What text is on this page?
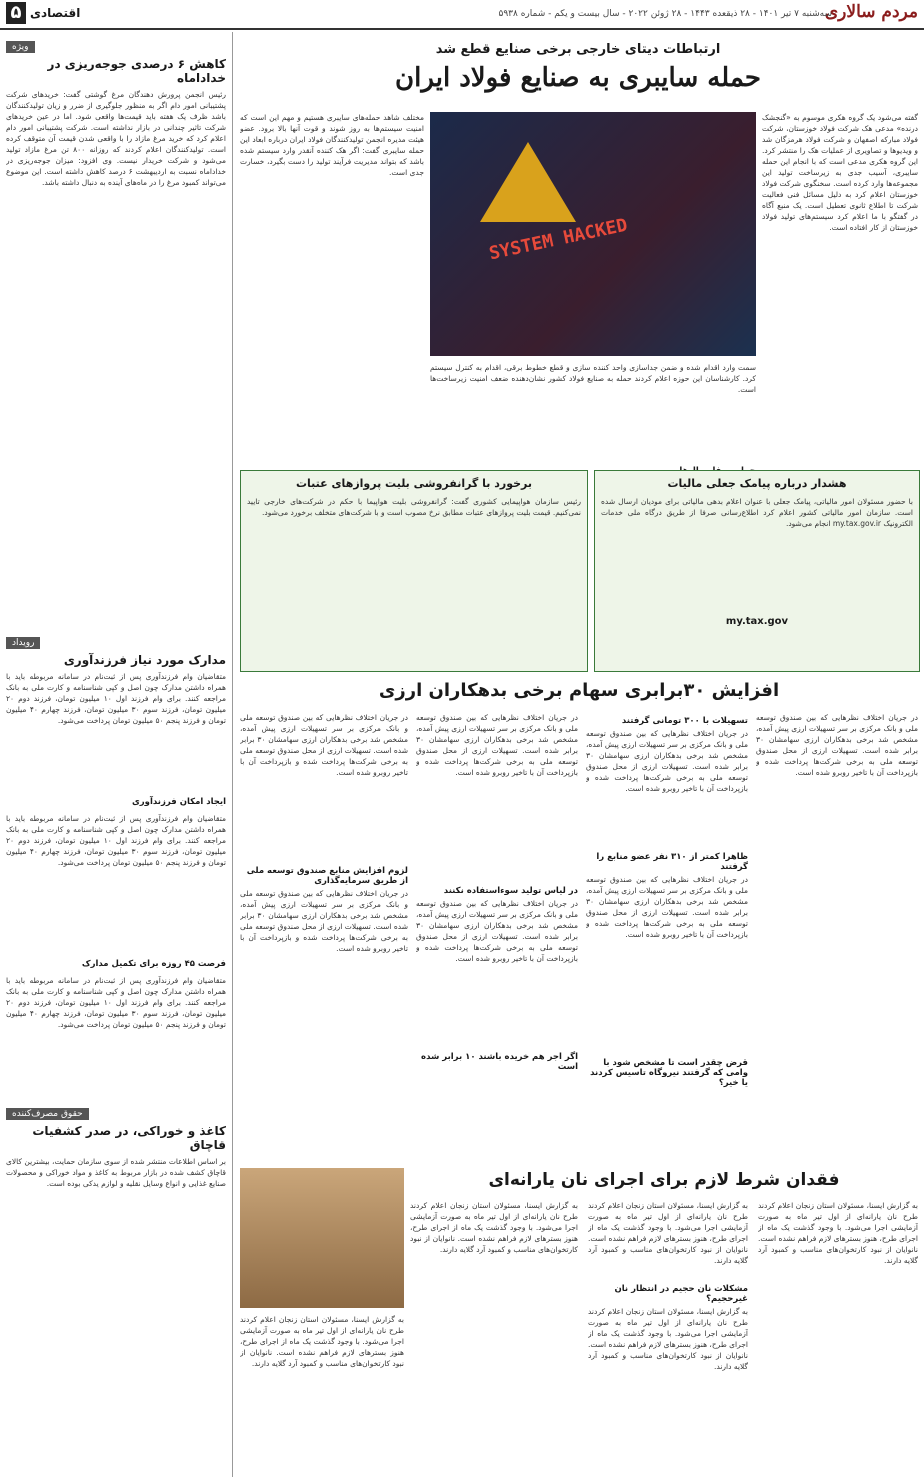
مردم سالاری
سه‌شنبه ۷ تیر ۱۴۰۱ - ۲۸ ذیقعده ۱۴۴۳ - ۲۸ ژوئن ۲۰۲۲ - سال بیست و یکم - شماره ۵۹۳۸
اقتصادی
۵
ویژه
کاهش ۶ درصدی جوجه‌ریزی در خداداماه
رئیس انجمن پرورش دهندگان مرغ گوشتی گفت: خریدهای شرکت پشتیبانی امور دام اگر به منظور جلوگیری از ضرر و زیان تولیدکنندگان باشد ظرف یک هفته باید قیمت‌ها واقعی شود. اما در عین خریدهای شرکت تاثیر چندانی در بازار نداشته است. شرکت پشتیبانی امور دام اعلام کرد که خرید مرغ مازاد را با واقعی شدن قیمت آن متوقف کرده است. تولیدکنندگان اعلام کردند که روزانه ۸۰۰ تن مرغ مازاد تولید می‌شود و شرکت خریدار نیست. وی افزود: میزان جوجه‌ریزی در خداداماه نسبت به اردیبهشت ۶ درصد کاهش داشته است. این موضوع می‌تواند کمبود مرغ را در ماه‌های آینده به دنبال داشته باشد.
رویداد
مدارک مورد نیاز فرزندآوری
متقاضیان وام فرزندآوری پس از ثبت‌نام در سامانه مربوطه باید با همراه داشتن مدارک چون اصل و کپی شناسنامه و کارت ملی به بانک مراجعه کنند. برای وام فرزند اول ۱۰ میلیون تومان، فرزند دوم ۲۰ میلیون تومان، فرزند سوم ۳۰ میلیون تومان، فرزند چهارم ۴۰ میلیون تومان و فرزند پنجم ۵۰ میلیون تومان پرداخت می‌شود.
ایجاد امکان فرزندآوری
متقاضیان وام فرزندآوری پس از ثبت‌نام در سامانه مربوطه باید با همراه داشتن مدارک چون اصل و کپی شناسنامه و کارت ملی به بانک مراجعه کنند. برای وام فرزند اول ۱۰ میلیون تومان، فرزند دوم ۲۰ میلیون تومان، فرزند سوم ۳۰ میلیون تومان، فرزند چهارم ۴۰ میلیون تومان و فرزند پنجم ۵۰ میلیون تومان پرداخت می‌شود.
فرصت ۴۵ روزه برای تکمیل مدارک
متقاضیان وام فرزندآوری پس از ثبت‌نام در سامانه مربوطه باید با همراه داشتن مدارک چون اصل و کپی شناسنامه و کارت ملی به بانک مراجعه کنند. برای وام فرزند اول ۱۰ میلیون تومان، فرزند دوم ۲۰ میلیون تومان، فرزند سوم ۳۰ میلیون تومان، فرزند چهارم ۴۰ میلیون تومان و فرزند پنجم ۵۰ میلیون تومان پرداخت می‌شود.
حقوق مصرف‌کننده
کاغذ و خوراکی، در صدر کشفیات قاچاق
بر اساس اطلاعات منتشر شده از سوی سازمان حمایت، بیشترین کالای قاچاق کشف شده در بازار مربوط به کاغذ و مواد خوراکی و محصولات صنایع غذایی و انواع وسایل نقلیه و لوازم یدکی بوده است.
ارتباطات دیتای خارجی برخی صنایع قطع شد
حمله سایبری به صنایع فولاد ایران
گفته می‌شود یک گروه هکری موسوم به «گنجشک درنده» مدعی هک شرکت فولاد خوزستان، شرکت فولاد مبارکه اصفهان و شرکت فولاد هرمزگان شد و ویدیوها و تصاویری از عملیات هک را منتشر کرد. این گروه هکری مدعی است که با انجام این حمله سایبری، آسیب جدی به زیرساخت تولید این مجموعه‌ها وارد کرده است. سخنگوی شرکت فولاد خوزستان اعلام کرد به دلیل مسائل فنی فعالیت شرکت تا اطلاع ثانوی تعطیل است. یک منبع آگاه در گفتگو با ما اعلام کرد سیستم‌های تولید فولاد خوزستان از کار افتاده است.
SYSTEM HACKED
سمت وارد اقدام شده و ضمن جداسازی واحد کننده سازی و قطع خطوط برقی، اقدام به کنترل سیستم کرد. کارشناسان این حوزه اعلام کردند حمله به صنایع فولاد کشور نشان‌دهنده ضعف امنیت زیرساخت‌ها است.
مختلف شاهد حمله‌های سایبری هستیم و مهم این است که امنیت سیستم‌ها به روز شوند و قوت آنها بالا برود. عضو هیئت مدیره انجمن تولیدکنندگان فولاد ایران درباره ابعاد این حمله سایبری گفت: اگر هک کننده آنقدر وارد سیستم شده باشد که بتواند مدیریت فرآیند تولید را دست بگیرد، خسارت جدی است.
هشدار درباره پیامک جعلی مالیات
با حضور مسئولان امور مالیاتی، پیامک جعلی با عنوان اعلام بدهی مالیاتی برای مودیان ارسال شده است. سازمان امور مالیاتی کشور اعلام کرد اطلاع‌رسانی صرفا از طریق درگاه ملی خدمات الکترونیک my.tax.gov.ir انجام می‌شود.
my.tax.gov
برخورد با گرانفروشی بلیت پروازهای عتبات
رئیس سازمان هواپیمایی کشوری گفت: گرانفروشی بلیت هواپیما با حکم در شرکت‌های خارجی تایید نمی‌کنیم. قیمت بلیت پروازهای عتبات مطابق نرخ مصوب است و با شرکت‌های متخلف برخورد می‌شود.
افزایش ۳۰برابری سهام برخی بدهکاران ارزی
در جریان اختلاف نظرهایی که بین صندوق توسعه ملی و بانک مرکزی بر سر تسهیلات ارزی پیش آمده، مشخص شد برخی بدهکاران ارزی سهامشان ۳۰ برابر شده است. تسهیلات ارزی از محل صندوق توسعه ملی به برخی شرکت‌ها پرداخت شده و بازپرداخت آن با تاخیر روبرو شده است.
تسهیلات با ۳۰۰ تومانی گرفتند
در جریان اختلاف نظرهایی که بین صندوق توسعه ملی و بانک مرکزی بر سر تسهیلات ارزی پیش آمده، مشخص شد برخی بدهکاران ارزی سهامشان ۳۰ برابر شده است. تسهیلات ارزی از محل صندوق توسعه ملی به برخی شرکت‌ها پرداخت شده و بازپرداخت آن با تاخیر روبرو شده است.
ظاهرا کمتر از ۳۱۰ نفر عضو منابع را گرفتند
در جریان اختلاف نظرهایی که بین صندوق توسعه ملی و بانک مرکزی بر سر تسهیلات ارزی پیش آمده، مشخص شد برخی بدهکاران ارزی سهامشان ۳۰ برابر شده است. تسهیلات ارزی از محل صندوق توسعه ملی به برخی شرکت‌ها پرداخت شده و بازپرداخت آن با تاخیر روبرو شده است.
قرض چقدر است تا مشخص شود با وامی که گرفتند نیروگاه تاسیس کردند یا خیر؟
در جریان اختلاف نظرهایی که بین صندوق توسعه ملی و بانک مرکزی بر سر تسهیلات ارزی پیش آمده، مشخص شد برخی بدهکاران ارزی سهامشان ۳۰ برابر شده است. تسهیلات ارزی از محل صندوق توسعه ملی به برخی شرکت‌ها پرداخت شده و بازپرداخت آن با تاخیر روبرو شده است.
در لیاس تولید سوءاستفاده نکنند
در جریان اختلاف نظرهایی که بین صندوق توسعه ملی و بانک مرکزی بر سر تسهیلات ارزی پیش آمده، مشخص شد برخی بدهکاران ارزی سهامشان ۳۰ برابر شده است. تسهیلات ارزی از محل صندوق توسعه ملی به برخی شرکت‌ها پرداخت شده و بازپرداخت آن با تاخیر روبرو شده است.
اگر اجر هم خریده باشند ۱۰ برابر شده است
در جریان اختلاف نظرهایی که بین صندوق توسعه ملی و بانک مرکزی بر سر تسهیلات ارزی پیش آمده، مشخص شد برخی بدهکاران ارزی سهامشان ۳۰ برابر شده است. تسهیلات ارزی از محل صندوق توسعه ملی به برخی شرکت‌ها پرداخت شده و بازپرداخت آن با تاخیر روبرو شده است.
لزوم افزایش منابع صندوق توسعه ملی از طریق سرمایه‌گذاری
در جریان اختلاف نظرهایی که بین صندوق توسعه ملی و بانک مرکزی بر سر تسهیلات ارزی پیش آمده، مشخص شد برخی بدهکاران ارزی سهامشان ۳۰ برابر شده است. تسهیلات ارزی از محل صندوق توسعه ملی به برخی شرکت‌ها پرداخت شده و بازپرداخت آن با تاخیر روبرو شده است.
فقدان شرط لازم برای اجرای نان یارانه‌ای
به گزارش ایسنا، مسئولان استان زنجان اعلام کردند طرح نان یارانه‌ای از اول تیر ماه به صورت آزمایشی اجرا می‌شود. با وجود گذشت یک ماه از اجرای طرح، هنوز بسترهای لازم فراهم نشده است. نانوایان از نبود کارتخوان‌های مناسب و کمبود آرد گلایه دارند.
به گزارش ایسنا، مسئولان استان زنجان اعلام کردند طرح نان یارانه‌ای از اول تیر ماه به صورت آزمایشی اجرا می‌شود. با وجود گذشت یک ماه از اجرای طرح، هنوز بسترهای لازم فراهم نشده است. نانوایان از نبود کارتخوان‌های مناسب و کمبود آرد گلایه دارند.
مشکلات نان حجیم در انتظار نان غیرحجیم؟
به گزارش ایسنا، مسئولان استان زنجان اعلام کردند طرح نان یارانه‌ای از اول تیر ماه به صورت آزمایشی اجرا می‌شود. با وجود گذشت یک ماه از اجرای طرح، هنوز بسترهای لازم فراهم نشده است. نانوایان از نبود کارتخوان‌های مناسب و کمبود آرد گلایه دارند.
به گزارش ایسنا، مسئولان استان زنجان اعلام کردند طرح نان یارانه‌ای از اول تیر ماه به صورت آزمایشی اجرا می‌شود. با وجود گذشت یک ماه از اجرای طرح، هنوز بسترهای لازم فراهم نشده است. نانوایان از نبود کارتخوان‌های مناسب و کمبود آرد گلایه دارند.
به گزارش ایسنا، مسئولان استان زنجان اعلام کردند طرح نان یارانه‌ای از اول تیر ماه به صورت آزمایشی اجرا می‌شود. با وجود گذشت یک ماه از اجرای طرح، هنوز بسترهای لازم فراهم نشده است. نانوایان از نبود کارتخوان‌های مناسب و کمبود آرد گلایه دارند.
